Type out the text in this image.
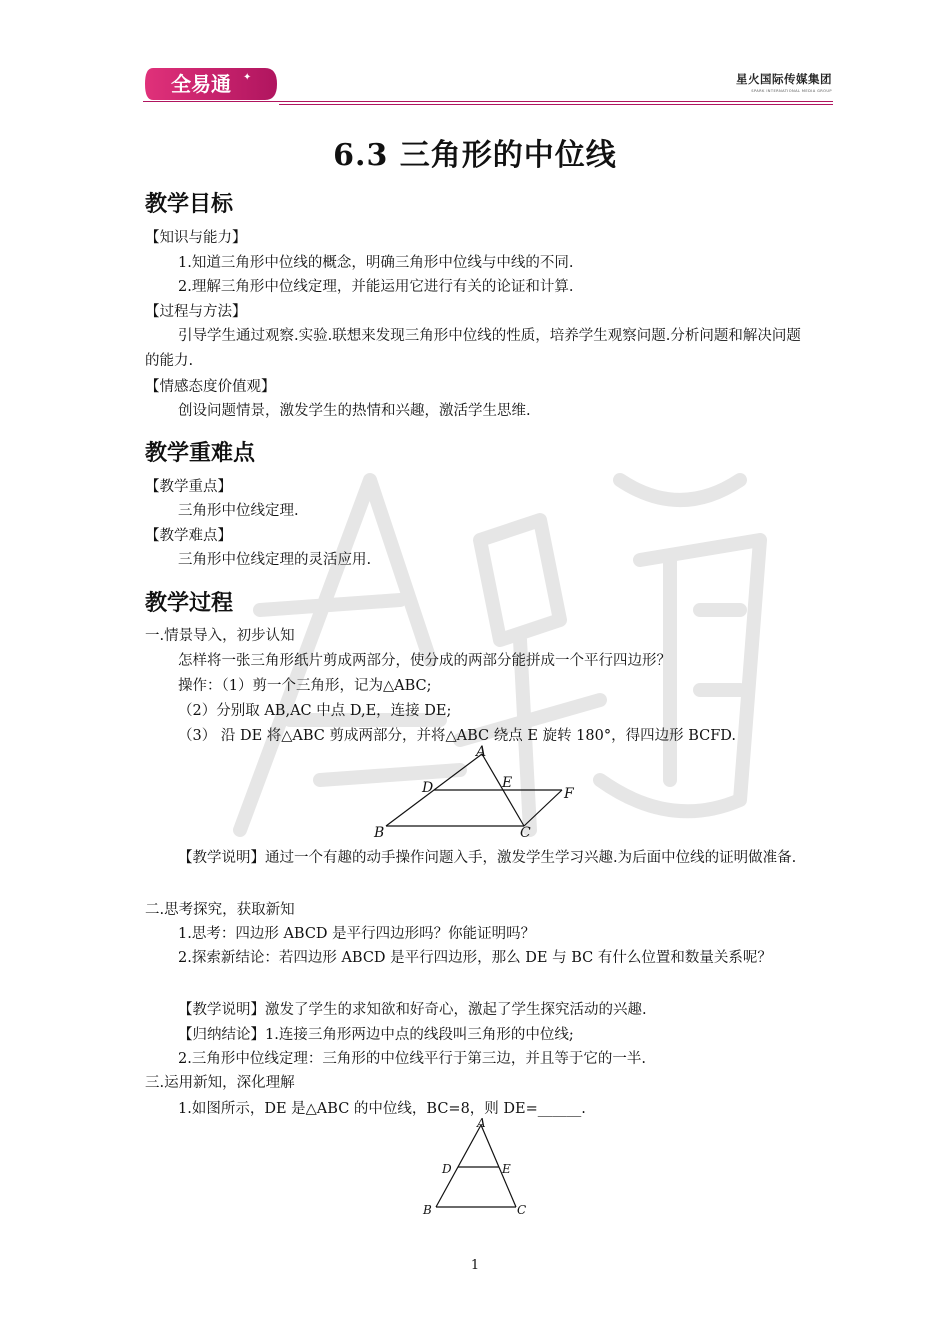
全易通 ✦	星火国际传媒集团
SPARK INTERNATIONAL MEDIA GROUP
6.3 三角形的中位线
教学目标
【知识与能力】
1.知道三角形中位线的概念，明确三角形中位线与中线的不同.
2.理解三角形中位线定理，并能运用它进行有关的论证和计算.
【过程与方法】
引导学生通过观察.实验.联想来发现三角形中位线的性质，培养学生观察问题.分析问题和解决问题的能力.
【情感态度价值观】
创设问题情景，激发学生的热情和兴趣，激活学生思维.
教学重难点
【教学重点】
三角形中位线定理.
【教学难点】
三角形中位线定理的灵活应用.
教学过程
一.情景导入，初步认知
怎样将一张三角形纸片剪成两部分，使分成的两部分能拼成一个平行四边形？
操作：（1）剪一个三角形，记为△ABC;
（2）分别取 AB,AC 中点 D,E，连接 DE;
（3） 沿 DE 将△ABC 剪成两部分，并将△ABC 绕点 E 旋转 180°，得四边形 BCFD.
A
B	C
D	E
F
【教学说明】通过一个有趣的动手操作问题入手，激发学生学习兴趣.为后面中位线的证明做准备.
二.思考探究，获取新知
1.思考：四边形 ABCD 是平行四边形吗？你能证明吗？
2.探索新结论：若四边形 ABCD 是平行四边形，那么 DE 与 BC 有什么位置和数量关系呢？
【教学说明】激发了学生的求知欲和好奇心，激起了学生探究活动的兴趣.
【归纳结论】1.连接三角形两边中点的线段叫三角形的中位线;
2.三角形中位线定理：三角形的中位线平行于第三边，并且等于它的一半.
三.运用新知，深化理解
1.如图所示，DE 是△ABC 的中位线，BC=8，则 DE=______.
A
B	C
D	E
1
